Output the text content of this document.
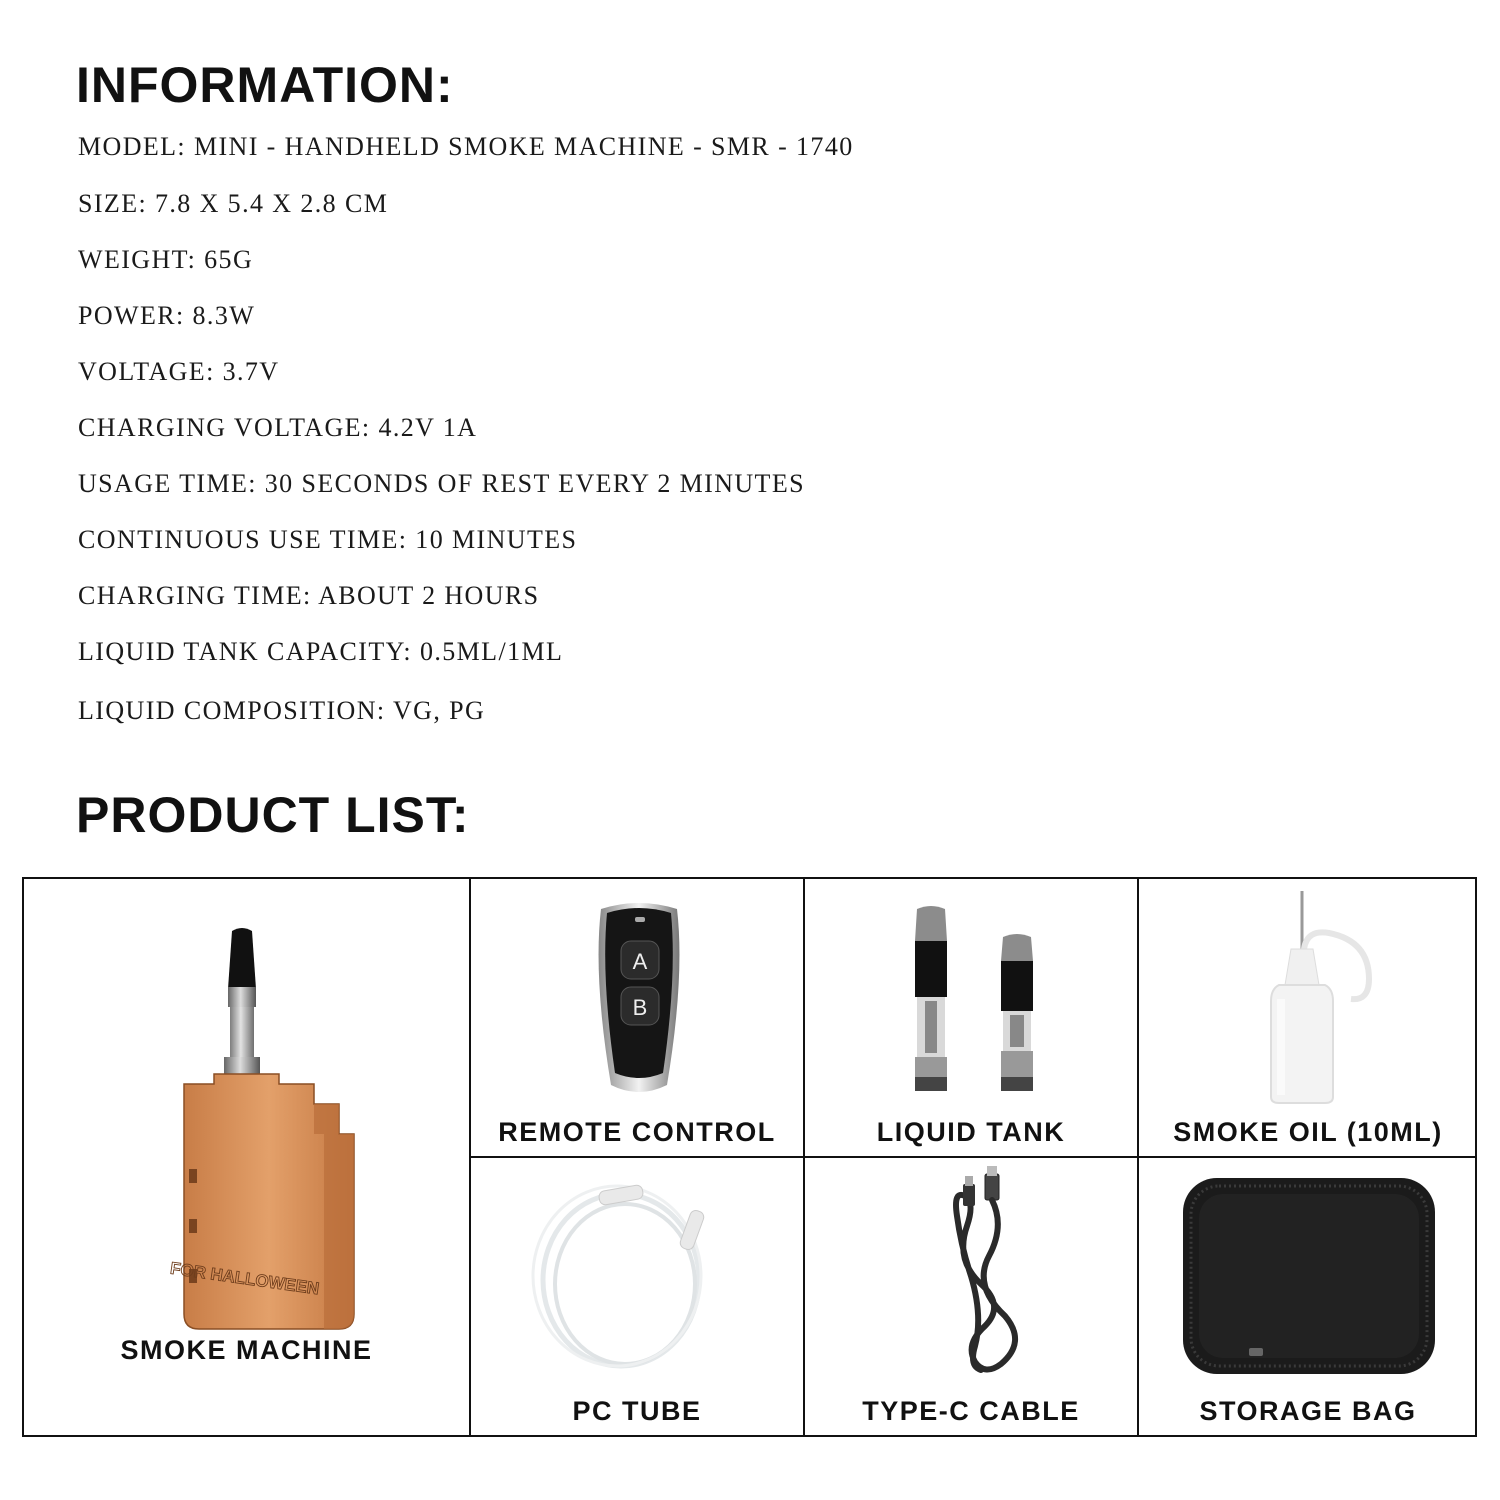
INFORMATION:

MODEL: MINI - HANDHELD SMOKE MACHINE - SMR - 1740

SIZE: 7.8 X 5.4 X 2.8 CM

WEIGHT: 65G

POWER: 8.3W

VOLTAGE: 3.7V

CHARGING VOLTAGE: 4.2V 1A

USAGE TIME: 30 SECONDS OF REST EVERY 2 MINUTES

CONTINUOUS USE TIME: 10 MINUTES

CHARGING TIME: ABOUT 2 HOURS

LIQUID TANK CAPACITY: 0.5ML/1ML

LIQUID COMPOSITION: VG, PG

PRODUCT LIST:
FOR HALLOWEEN
SMOKE MACHINE
A
B
REMOTE CONTROL	LIQUID TANK	SMOKE OIL (10ML)
PC TUBE	TYPE-C CABLE	STORAGE BAG
